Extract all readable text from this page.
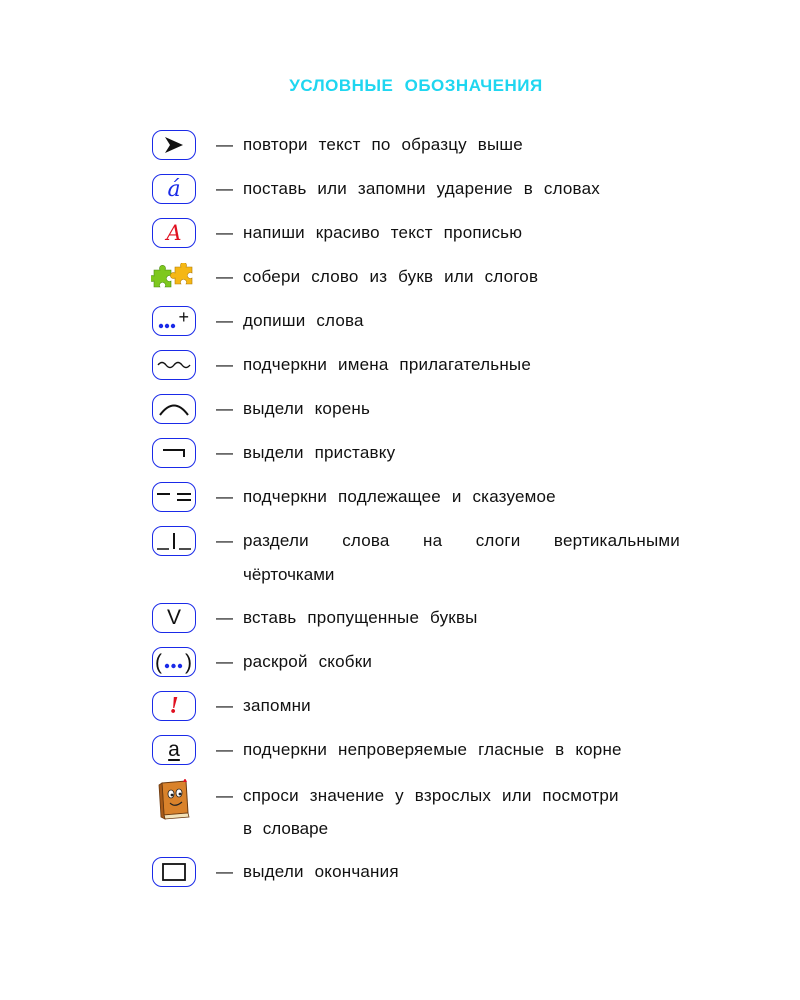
УСЛОВНЫЕ ОБОЗНАЧЕНИЯ
— повтори текст по образцу выше
á — поставь или запомни ударение в словах
А — напиши красиво текст прописью
— собери слово из букв или слогов
+ — допиши слова
— подчеркни имена прилагательные
— выдели корень
— выдели приставку
— подчеркни подлежащее и сказуемое
— раздели слова на слоги вертикальными
чёрточками
V — вставь пропущенные буквы
( ) — раскрой скобки
! — запомни
а — подчеркни непроверяемые гласные в корне
— спроси значение у взрослых или посмотри
в словаре
— выдели окончания
